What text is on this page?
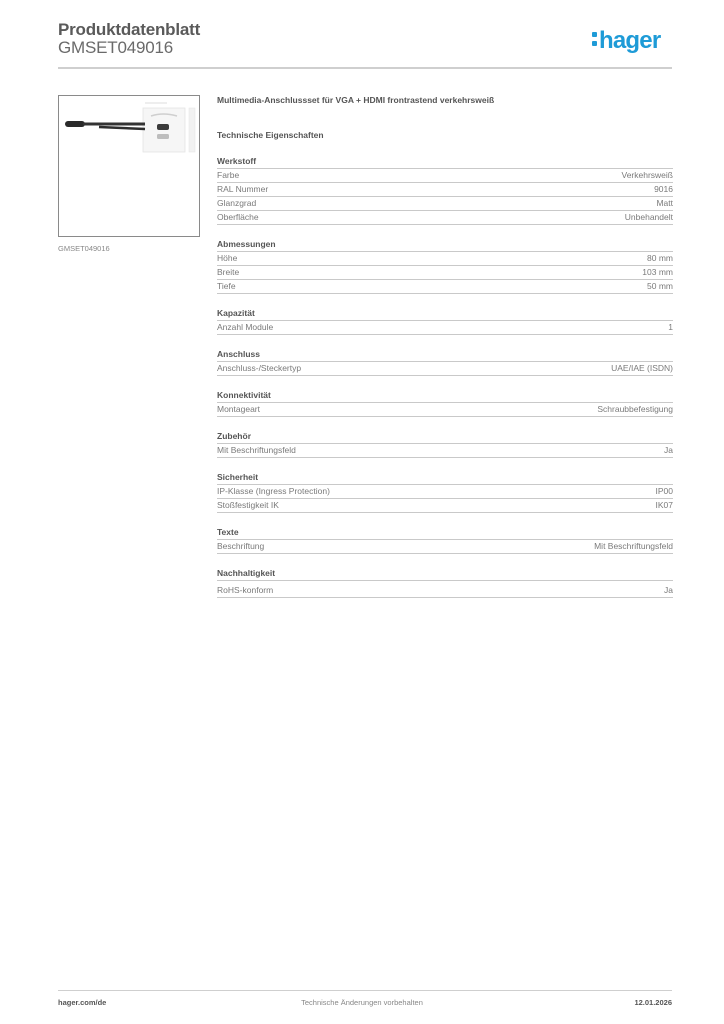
Produktdatenblatt
GMSET049016	hager
GMSET049016
Multimedia-Anschlussset für VGA + HDMI frontrastend verkehrsweiß
Technische Eigenschaften
Werkstoff
Farbe	Verkehrsweiß
RAL Nummer	9016
Glanzgrad	Matt
Oberfläche	Unbehandelt
Abmessungen
Höhe	80 mm
Breite	103 mm
Tiefe	50 mm
Kapazität
Anzahl Module	1
Anschluss
Anschluss-/Steckertyp	UAE/IAE (ISDN)
Konnektivität
Montageart	Schraubbefestigung
Zubehör
Mit Beschriftungsfeld	Ja
Sicherheit
IP-Klasse (Ingress Protection)	IP00
Stoßfestigkeit IK	IK07
Texte
Beschriftung	Mit Beschriftungsfeld
Nachhaltigkeit
RoHS-konform	Ja
hager.com/de	Technische Änderungen vorbehalten	12.01.2026
